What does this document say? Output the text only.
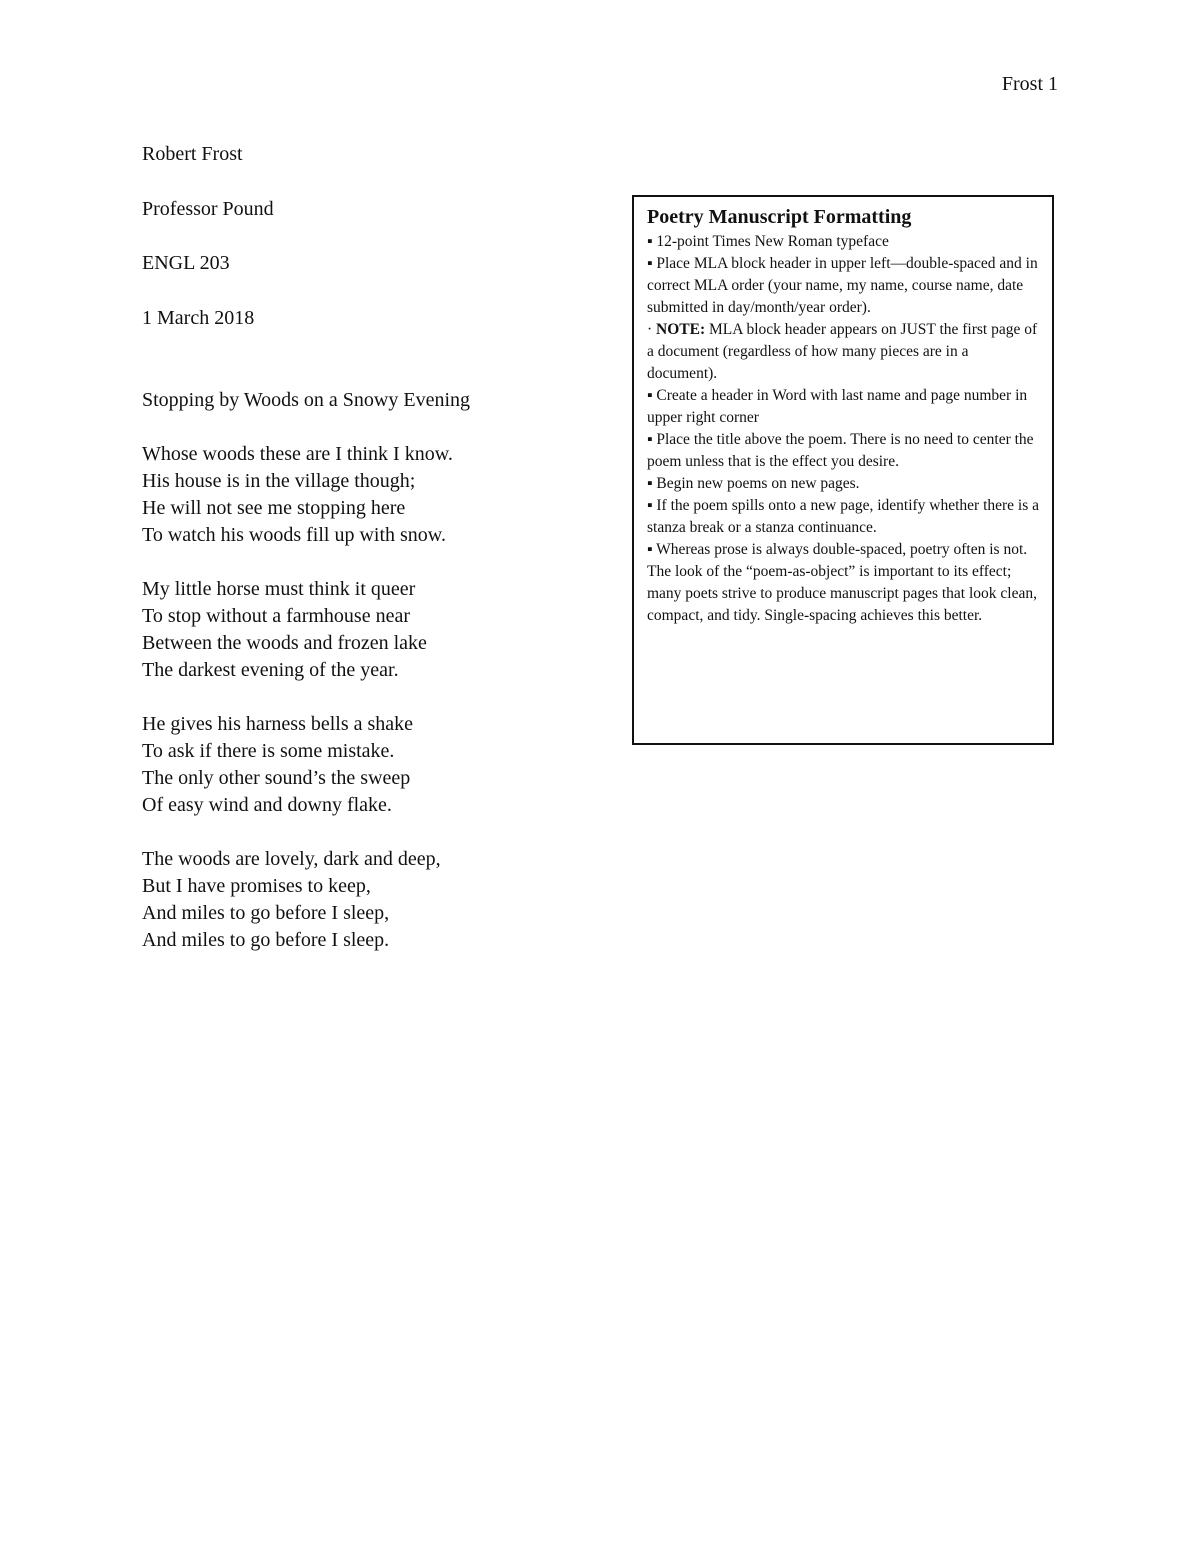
Frost 1
Robert Frost
Professor Pound
ENGL 203
1 March 2018
Stopping by Woods on a Snowy Evening
Whose woods these are I think I know.
His house is in the village though;
He will not see me stopping here
To watch his woods fill up with snow.
My little horse must think it queer
To stop without a farmhouse near
Between the woods and frozen lake
The darkest evening of the year.
He gives his harness bells a shake
To ask if there is some mistake.
The only other sound’s the sweep
Of easy wind and downy flake.
The woods are lovely, dark and deep,
But I have promises to keep,
And miles to go before I sleep,
And miles to go before I sleep.
Poetry Manuscript Formatting
▪ 12-point Times New Roman typeface
▪ Place MLA block header in upper left—double-spaced and in correct MLA order (your name, my name, course name, date submitted in day/month/year order).
· NOTE: MLA block header appears on JUST the first page of a document (regardless of how many pieces are in a document).
▪ Create a header in Word with last name and page number in upper right corner
▪ Place the title above the poem. There is no need to center the poem unless that is the effect you desire.
▪ Begin new poems on new pages.
▪ If the poem spills onto a new page, identify whether there is a stanza break or a stanza continuance.
▪ Whereas prose is always double-spaced, poetry often is not. The look of the “poem-as-object” is important to its effect; many poets strive to produce manuscript pages that look clean, compact, and tidy. Single-spacing achieves this better.
